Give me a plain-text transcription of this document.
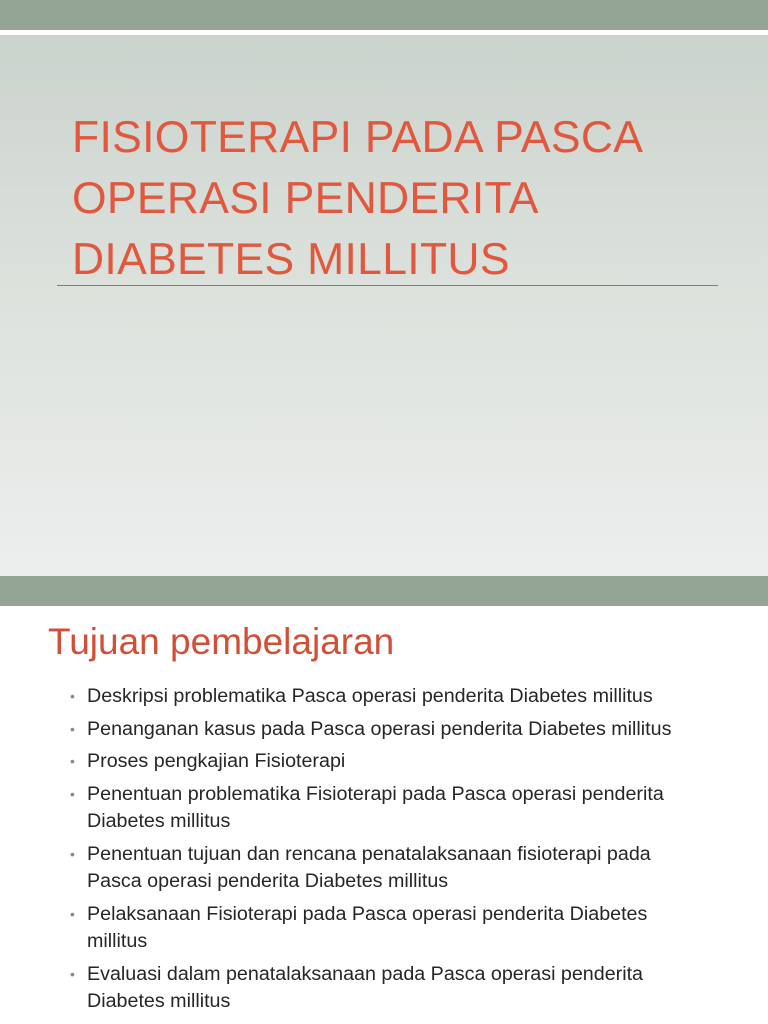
FISIOTERAPI PADA PASCA
OPERASI PENDERITA
DIABETES MILLITUS
Tujuan pembelajaran
• Deskripsi problematika Pasca operasi penderita Diabetes millitus
• Penanganan kasus pada Pasca operasi penderita Diabetes millitus
• Proses pengkajian Fisioterapi
• Penentuan problematika Fisioterapi pada Pasca operasi penderita Diabetes millitus
• Penentuan tujuan dan rencana penatalaksanaan fisioterapi pada Pasca operasi penderita Diabetes millitus
• Pelaksanaan Fisioterapi pada Pasca operasi penderita Diabetes millitus
• Evaluasi dalam penatalaksanaan pada Pasca operasi penderita Diabetes millitus
